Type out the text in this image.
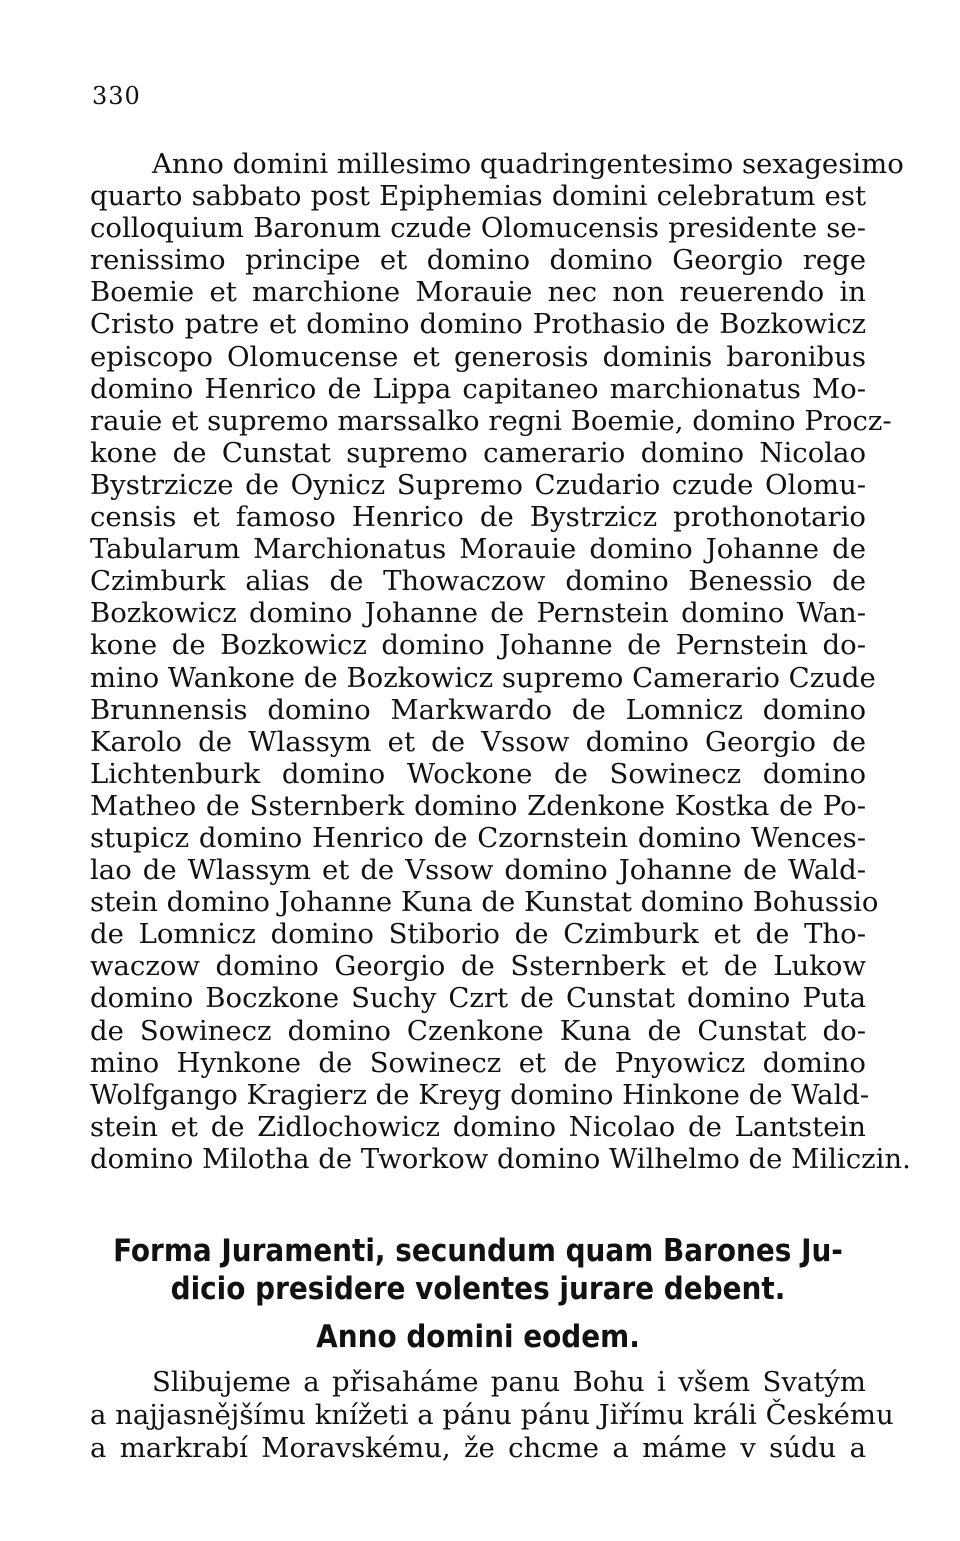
330
Anno domini millesimo quadringentesimo sexagesimo
quarto sabbato post Epiphemias domini celebratum est
colloquium Baronum czude Olomucensis presidente se-
renissimo principe et domino domino Georgio rege
Boemie et marchione Morauie nec non reuerendo in
Cristo patre et domino domino Prothasio de Bozkowicz
episcopo Olomucense et generosis dominis baronibus
domino Henrico de Lippa capitaneo marchionatus Mo-
rauie et supremo marssalko regni Boemie, domino Procz-
kone de Cunstat supremo camerario domino Nicolao
Bystrzicze de Oynicz Supremo Czudario czude Olomu-
censis et famoso Henrico de Bystrzicz prothonotario
Tabularum Marchionatus Morauie domino Johanne de
Czimburk alias de Thowaczow domino Benessio de
Bozkowicz domino Johanne de Pernstein domino Wan-
kone de Bozkowicz domino Johanne de Pernstein do-
mino Wankone de Bozkowicz supremo Camerario Czude
Brunnensis domino Markwardo de Lomnicz domino
Karolo de Wlassym et de Vssow domino Georgio de
Lichtenburk domino Wockone de Sowinecz domino
Matheo de Ssternberk domino Zdenkone Kostka de Po-
stupicz domino Henrico de Czornstein domino Wences-
lao de Wlassym et de Vssow domino Johanne de Wald-
stein domino Johanne Kuna de Kunstat domino Bohussio
de Lomnicz domino Stiborio de Czimburk et de Tho-
waczow domino Georgio de Ssternberk et de Lukow
domino Boczkone Suchy Czrt de Cunstat domino Puta
de Sowinecz domino Czenkone Kuna de Cunstat do-
mino Hynkone de Sowinecz et de Pnyowicz domino
Wolfgango Kragierz de Kreyg domino Hinkone de Wald-
stein et de Zidlochowicz domino Nicolao de Lantstein
domino Milotha de Tworkow domino Wilhelmo de Miliczin.
Forma Juramenti, secundum quam Barones Ju-
dicio presidere volentes jurare debent.
Anno domini eodem.
Slibujeme a přisaháme panu Bohu i všem Svatým
a najjasnějšímu knížeti a pánu pánu Jiřímu králi Českému
a markrabí Moravskému, že chcme a máme v súdu a
